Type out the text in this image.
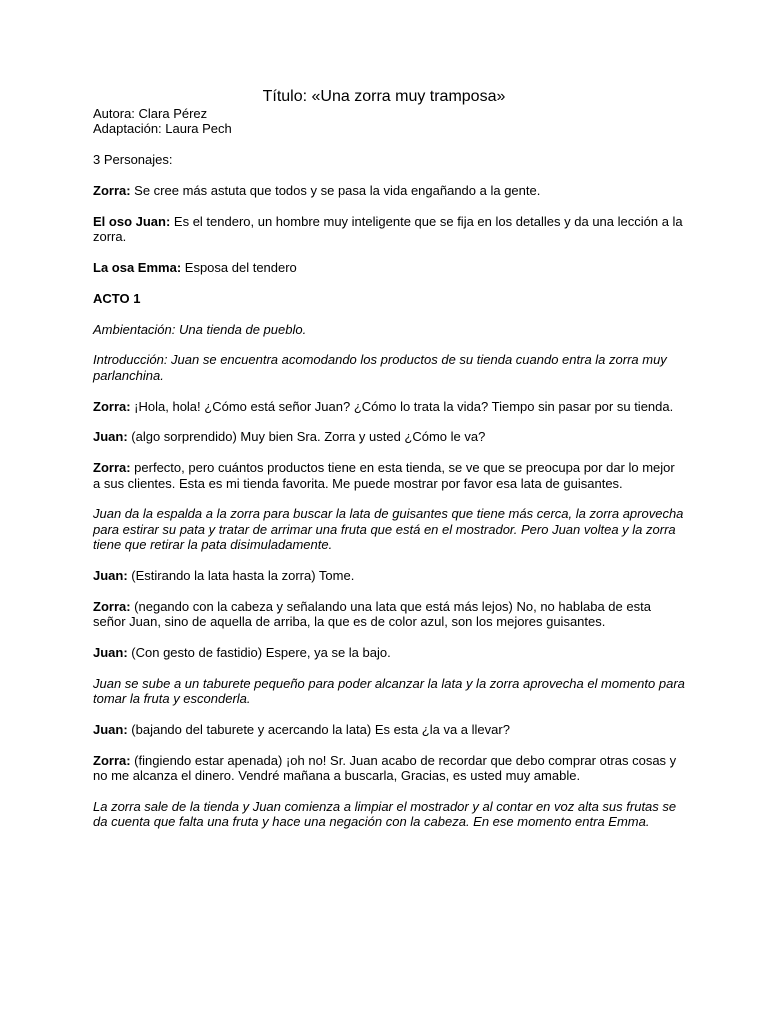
Título: «Una zorra muy tramposa»

Autora: Clara Pérez

Adaptación: Laura Pech

3 Personajes:

Zorra: Se cree más astuta que todos y se pasa la vida engañando a la gente.

El oso Juan: Es el tendero, un hombre muy inteligente que se fija en los detalles y da una lección a la zorra.

La osa Emma: Esposa del tendero

ACTO 1

Ambientación: Una tienda de pueblo.

Introducción: Juan se encuentra acomodando los productos de su tienda cuando entra la zorra muy parlanchina.

Zorra: ¡Hola, hola! ¿Cómo está señor Juan? ¿Cómo lo trata la vida? Tiempo sin pasar por su tienda.

Juan: (algo sorprendido) Muy bien Sra. Zorra y usted ¿Cómo le va?

Zorra: perfecto, pero cuántos productos tiene en esta tienda, se ve que se preocupa por dar lo mejor a sus clientes. Esta es mi tienda favorita. Me puede mostrar por favor esa lata de guisantes.

Juan da la espalda a la zorra para buscar la lata de guisantes que tiene más cerca, la zorra aprovecha para estirar su pata y tratar de arrimar una fruta que está en el mostrador. Pero Juan voltea y la zorra tiene que retirar la pata disimuladamente.

Juan: (Estirando la lata hasta la zorra) Tome.

Zorra: (negando con la cabeza y señalando una lata que está más lejos) No, no hablaba de esta señor Juan, sino de aquella de arriba, la que es de color azul, son los mejores guisantes.

Juan: (Con gesto de fastidio) Espere, ya se la bajo.

Juan se sube a un taburete pequeño para poder alcanzar la lata y la zorra aprovecha el momento para tomar la fruta y esconderla.

Juan: (bajando del taburete y acercando la lata) Es esta ¿la va a llevar?

Zorra: (fingiendo estar apenada) ¡oh no! Sr. Juan acabo de recordar que debo comprar otras cosas y no me alcanza el dinero. Vendré mañana a buscarla, Gracias, es usted muy amable.

La zorra sale de la tienda y Juan comienza a limpiar el mostrador y al contar en voz alta sus frutas se da cuenta que falta una fruta y hace una negación con la cabeza. En ese momento entra Emma.
